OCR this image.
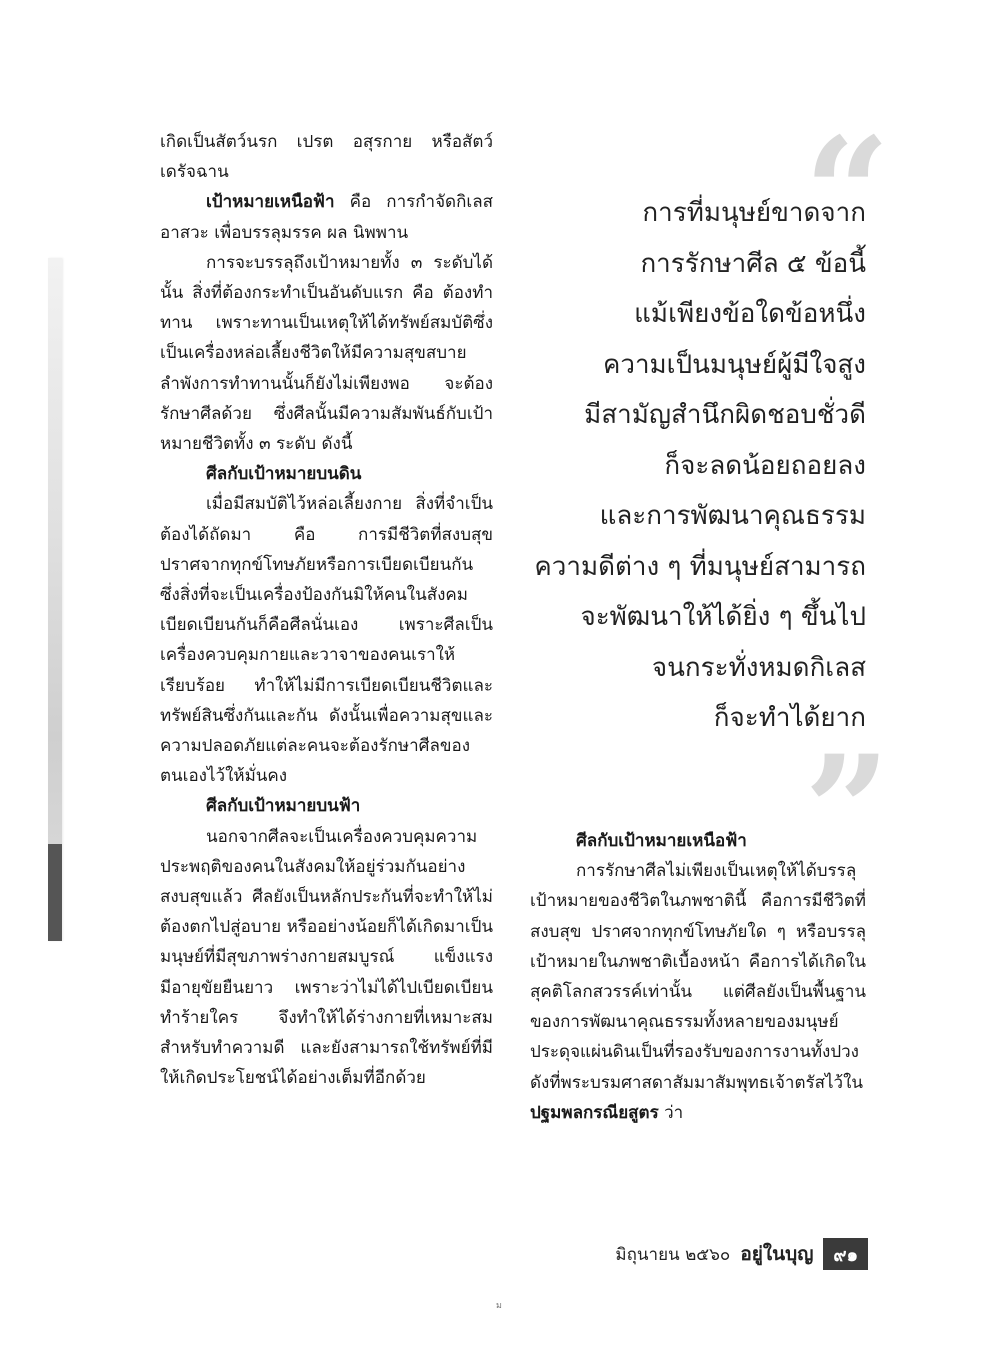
เกิดเป็นสัตว์นรก เปรต อสุรกาย หรือสัตว์เดรัจฉาน

เป้าหมายเหนือฟ้า คือ การกำจัดกิเลสอาสวะ เพื่อบรรลุมรรค ผล นิพพาน

การจะบรรลุถึงเป้าหมายทั้ง ๓ ระดับได้นั้น สิ่งที่ต้องกระทำเป็นอันดับแรก คือ ต้องทำทาน เพราะทานเป็นเหตุให้ได้ทรัพย์สมบัติซึ่งเป็นเครื่องหล่อเลี้ยงชีวิตให้มีความสุขสบาย ลำพังการทำทานนั้นก็ยังไม่เพียงพอ จะต้องรักษาศีลด้วย ซึ่งศีลนั้นมีความสัมพันธ์กับเป้าหมายชีวิตทั้ง ๓ ระดับ ดังนี้

ศีลกับเป้าหมายบนดิน

เมื่อมีสมบัติไว้หล่อเลี้ยงกาย สิ่งที่จำเป็นต้องได้ถัดมา คือ การมีชีวิตที่สงบสุข ปราศจากทุกข์โทษภัยหรือการเบียดเบียนกัน ซึ่งสิ่งที่จะเป็นเครื่องป้องกันมิให้คนในสังคมเบียดเบียนกันก็คือศีลนั่นเอง เพราะศีลเป็นเครื่องควบคุมกายและวาจาของคนเราให้เรียบร้อย ทำให้ไม่มีการเบียดเบียนชีวิตและทรัพย์สินซึ่งกันและกัน ดังนั้นเพื่อความสุขและความปลอดภัยแต่ละคนจะต้องรักษาศีลของตนเองไว้ให้มั่นคง

ศีลกับเป้าหมายบนฟ้า

นอกจากศีลจะเป็นเครื่องควบคุมความประพฤติของคนในสังคมให้อยู่ร่วมกันอย่างสงบสุขแล้ว ศีลยังเป็นหลักประกันที่จะทำให้ไม่ต้องตกไปสู่อบาย หรืออย่างน้อยก็ได้เกิดมาเป็นมนุษย์ที่มีสุขภาพร่างกายสมบูรณ์ แข็งแรง มีอายุขัยยืนยาว เพราะว่าไม่ได้ไปเบียดเบียนทำร้ายใคร จึงทำให้ได้ร่างกายที่เหมาะสมสำหรับทำความดี และยังสามารถใช้ทรัพย์ที่มีให้เกิดประโยชน์ได้อย่างเต็มที่อีกด้วย

“
การที่มนุษย์ขาดจาก
การรักษาศีล ๕ ข้อนี้
แม้เพียงข้อใดข้อหนึ่ง
ความเป็นมนุษย์ผู้มีใจสูง
มีสามัญสำนึกผิดชอบชั่วดี
ก็จะลดน้อยถอยลง
และการพัฒนาคุณธรรม
ความดีต่าง ๆ ที่มนุษย์สามารถ
จะพัฒนาให้ได้ยิ่ง ๆ ขึ้นไป
จนกระทั่งหมดกิเลส
ก็จะทำได้ยาก
”

ศีลกับเป้าหมายเหนือฟ้า

การรักษาศีลไม่เพียงเป็นเหตุให้ได้บรรลุเป้าหมายของชีวิตในภพชาตินี้ คือการมีชีวิตที่สงบสุข ปราศจากทุกข์โทษภัยใด ๆ หรือบรรลุเป้าหมายในภพชาติเบื้องหน้า คือการได้เกิดในสุคติโลกสวรรค์เท่านั้น แต่ศีลยังเป็นพื้นฐานของการพัฒนาคุณธรรมทั้งหลายของมนุษย์ ประดุจแผ่นดินเป็นที่รองรับของการงานทั้งปวง ดังที่พระบรมศาสดาสัมมาสัมพุทธเจ้าตรัสไว้ใน ปฐมพลกรณียสูตร ว่า

มิถุนายน ๒๕๖๐ อยู่ในบุญ	๙๑
ม
